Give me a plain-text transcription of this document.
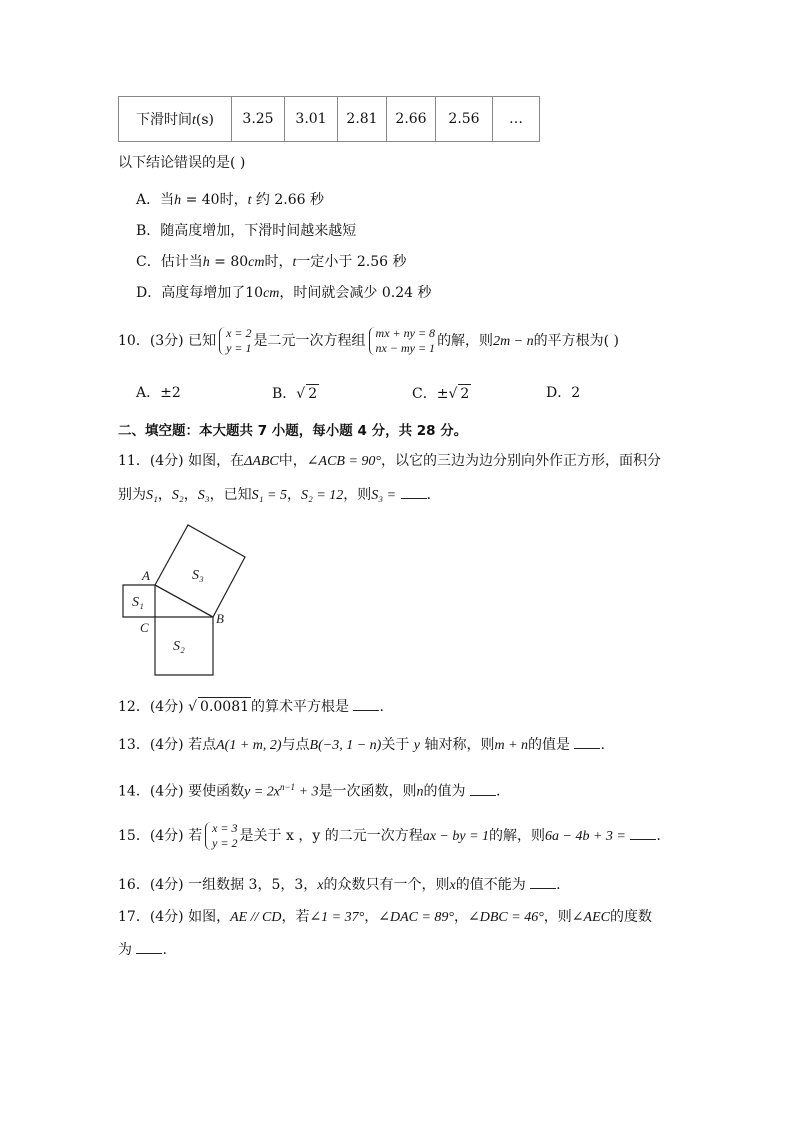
下滑时间t(s)	3.25	3.01	2.81	2.66	2.56	…
以下结论错误的是( )
A．当h = 40时，t 约 2.66 秒
B．随高度增加，下滑时间越来越短
C．估计当h = 80cm时，t一定小于 2.56 秒
D．高度每增加了10cm，时间就会减少 0.24 秒
10．(3分) 已知 x = 2
y = 1 是二元一次方程组 mx + ny = 8
nx − my = 1 的解，则2m − n的平方根为( )
A．±2	B．√ 2	C．±√ 2	D．2
二、填空题：本大题共 7 小题，每小题 4 分，共 28 分。
11．(4分) 如图，在ΔABC中，∠ACB = 90°，以它的三边为边分别向外作正方形，面积分
别为S₁，S₂，S₃，已知S₁ = 5，S₂ = 12，则S₃ = .
A
B
C
S₁
S₂
S₃
12．(4分) √ 0.0081 的算术平方根是 .
13．(4分) 若点A(1 + m, 2)与点B(−3, 1 − n)关于 y 轴对称，则m + n的值是 .
14．(4分) 要使函数$y = 2x^{n-1} + 3$是一次函数，则n的值为 .
15．(4分) 若 x = 3
y = 2 是关于 x ，y 的二元一次方程ax − by = 1的解，则6a − 4b + 3 = .
16．(4分) 一组数据 3，5，3，x的众数只有一个，则x的值不能为 .
17．(4分) 如图，AE // CD，若∠1 = 37°，∠DAC = 89°，∠DBC = 46°，则∠AEC的度数
为 .
